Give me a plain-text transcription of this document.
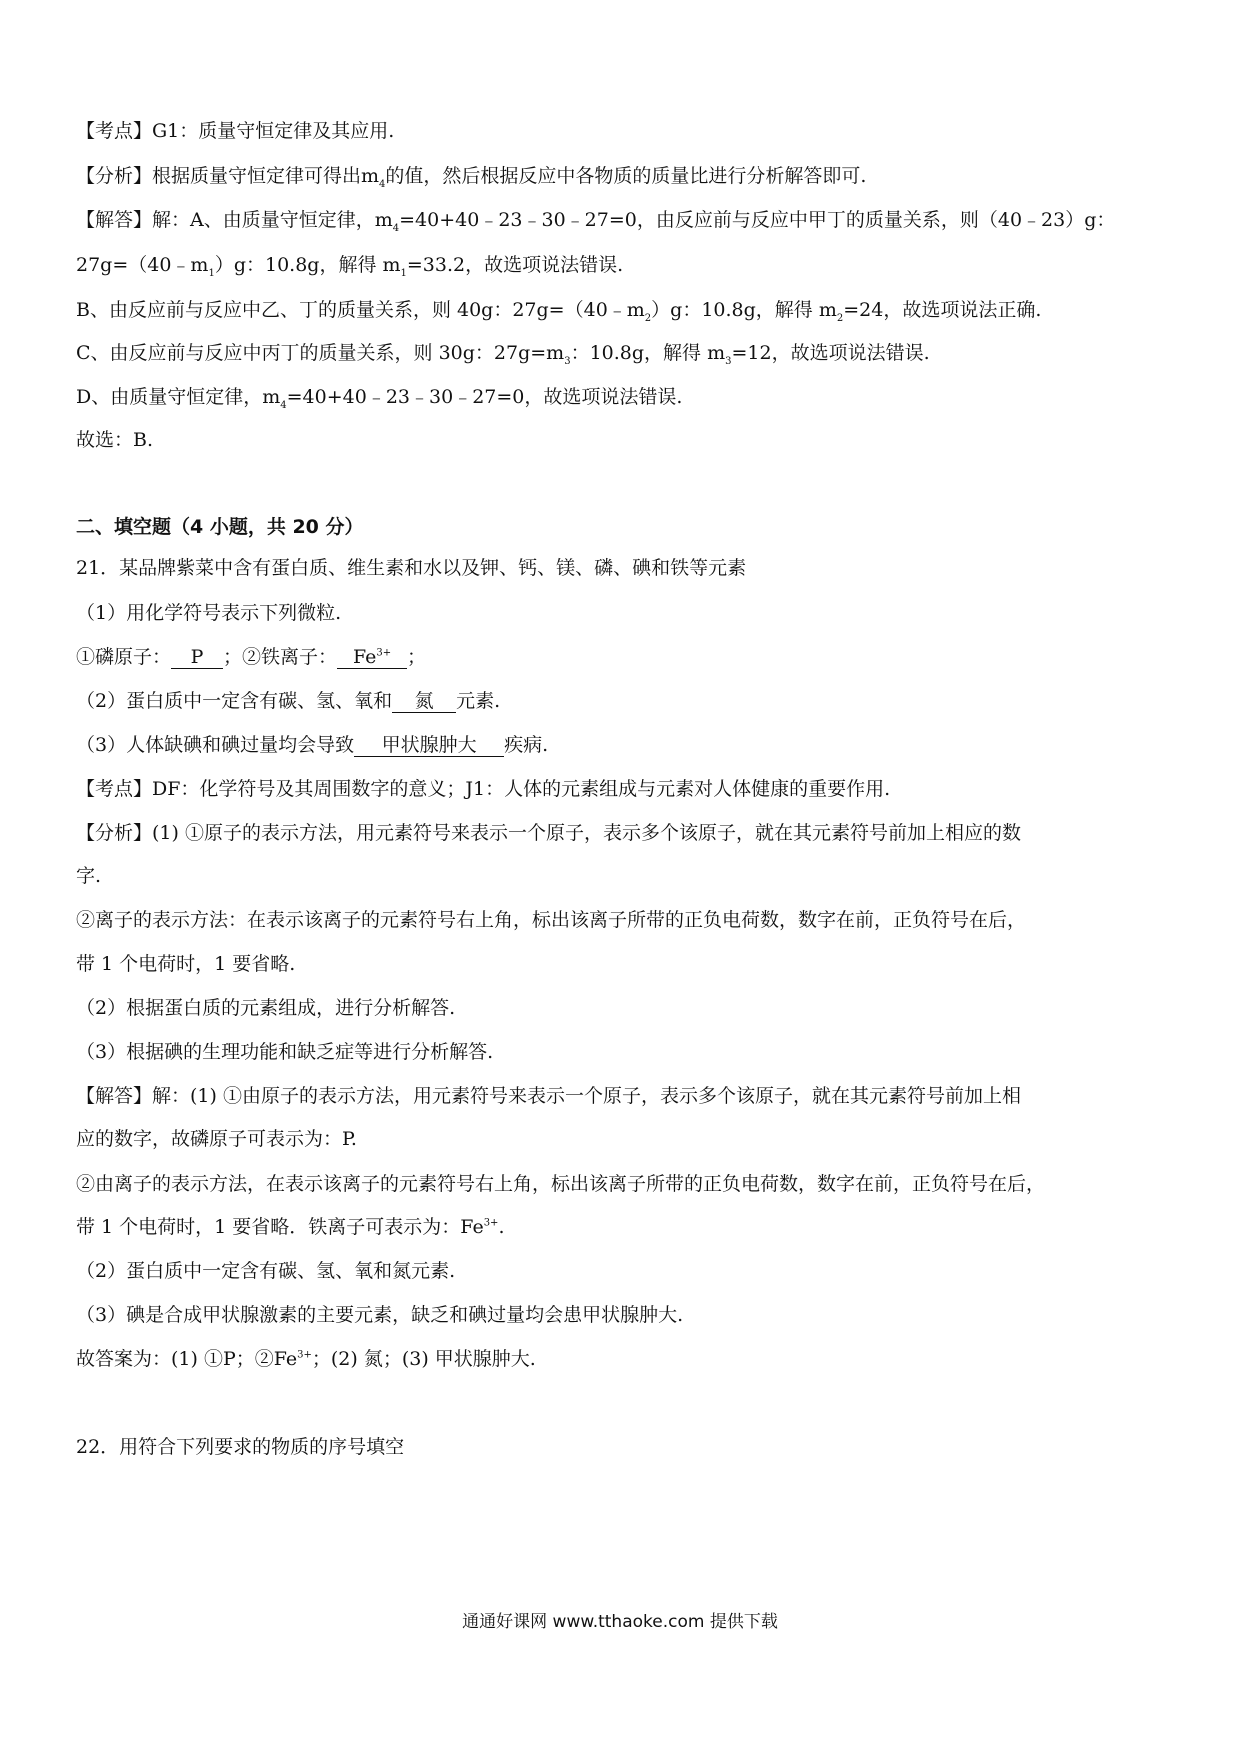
【考点】G1：质量守恒定律及其应用.
【分析】根据质量守恒定律可得出$m_4$的值，然后根据反应中各物质的质量比进行分析解答即可.
【解答】解：A、由质量守恒定律，$m_4=40+40﹣23﹣30﹣27=0$，由反应前与反应中甲丁的质量关系，则（40﹣23）g：
$27g=(40﹣m_1)g$：10.8g，解得 $m_1=33.2$，故选项说法错误.
B、由反应前与反应中乙、丁的质量关系，则 40g：$27g=(40﹣m_2)g$：10.8g，解得 $m_2=24$，故选项说法正确.
C、由反应前与反应中丙丁的质量关系，则 30g：$27g=m_3$：10.8g，解得 $m_3=12$，故选项说法错误.
D、由质量守恒定律，$m_4=40+40﹣23﹣30﹣27=0$，故选项说法错误.
故选：B.
二、填空题（4 小题，共 20 分）
21．某品牌紫菜中含有蛋白质、维生素和水以及钾、钙、镁、磷、碘和铁等元素
（1）用化学符号表示下列微粒.
①磷原子： P ；②铁离子： $Fe^{3+}$ ；
（2）蛋白质中一定含有碳、氢、氧和 氮 元素.
（3）人体缺碘和碘过量均会导致 甲状腺肿大 疾病.
【考点】DF：化学符号及其周围数字的意义；J1：人体的元素组成与元素对人体健康的重要作用.
【分析】(1) ①原子的表示方法，用元素符号来表示一个原子，表示多个该原子，就在其元素符号前加上相应的数
字.
②离子的表示方法：在表示该离子的元素符号右上角，标出该离子所带的正负电荷数，数字在前，正负符号在后，
带 1 个电荷时，1 要省略.
（2）根据蛋白质的元素组成，进行分析解答.
（3）根据碘的生理功能和缺乏症等进行分析解答.
【解答】解：(1) ①由原子的表示方法，用元素符号来表示一个原子，表示多个该原子，就在其元素符号前加上相
应的数字，故磷原子可表示为：P.
②由离子的表示方法，在表示该离子的元素符号右上角，标出该离子所带的正负电荷数，数字在前，正负符号在后，
带 1 个电荷时，1 要省略．铁离子可表示为：$Fe^{3+}$.
（2）蛋白质中一定含有碳、氢、氧和氮元素.
（3）碘是合成甲状腺激素的主要元素，缺乏和碘过量均会患甲状腺肿大.
故答案为：(1) ①P；$②Fe^{3+}$；(2) 氮；(3) 甲状腺肿大.
22．用符合下列要求的物质的序号填空
通通好课网 www.tthaoke.com 提供下载
